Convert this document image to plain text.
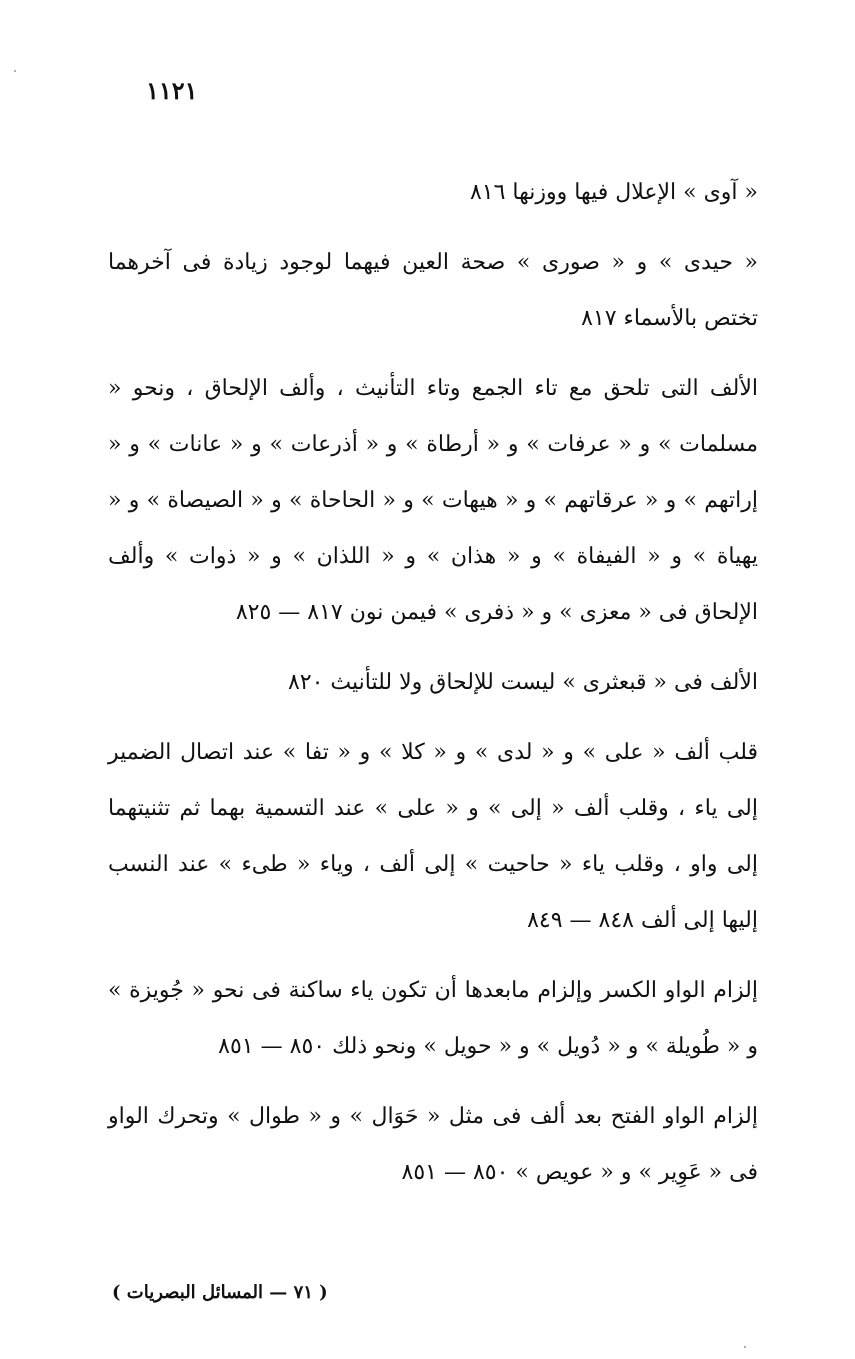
١١٢١

« آوى » الإعلال فيها ووزنها ٨١٦

« حيدى » و « صورى » صحة العين فيهما لوجود زيادة فى آخرهما تختص بالأسماء ٨١٧

الألف التى تلحق مع تاء الجمع وتاء التأنيث ، وألف الإلحاق ، ونحو « مسلمات » و « عرفات » و « أرطاة » و « أذرعات » و « عانات » و « إراتهم » و « عرقاتهم » و « هيهات » و « الحاحاة » و « الصيصاة » و « يهياة » و « الفيفاة » و « هذان » و « اللذان » و « ذوات » وألف الإلحاق فى « معزى » و « ذفرى » فيمن نون ٨١٧ — ٨٢٥

الألف فى « قبعثرى » ليست للإلحاق ولا للتأنيث ٨٢٠

قلب ألف « على » و « لدى » و « كلا » و « تفا » عند اتصال الضمير إلى ياء ، وقلب ألف « إلى » و « على » عند التسمية بهما ثم تثنيتهما إلى واو ، وقلب ياء « حاحيت » إلى ألف ، وياء « طىء » عند النسب إليها إلى ألف ٨٤٨ — ٨٤٩

إلزام الواو الكسر وإلزام مابعدها أن تكون ياء ساكنة فى نحو « جُويزة » و « طُويلة » و « دُويل » و « حويل » ونحو ذلك ٨٥٠ — ٨٥١

إلزام الواو الفتح بعد ألف فى مثل « حَوَال » و « طوال » وتحرك الواو فى « عَوِير » و « عويص » ٨٥٠ — ٨٥١

( ٧١ — المسائل البصريات )
